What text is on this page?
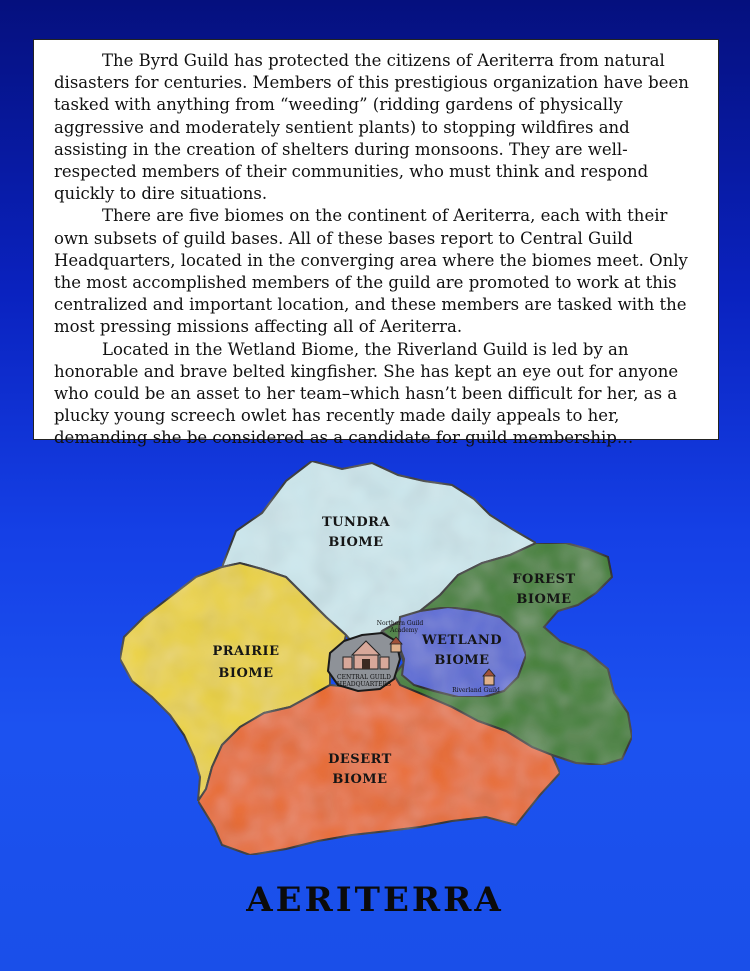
The Byrd Guild has protected the citizens of Aeriterra from natural disasters for centuries. Members of this prestigious organization have been tasked with anything from “weeding” (ridding gardens of physically aggressive and moderately sentient plants) to stopping wildfires and assisting in the creation of shelters during monsoons. They are well-respected members of their communities, who must think and respond quickly to dire situations.

There are five biomes on the continent of Aeriterra, each with their own subsets of guild bases. All of these bases report to Central Guild Headquarters, located in the converging area where the biomes meet. Only the most accomplished members of the guild are promoted to work at this centralized and important location, and these members are tasked with the most pressing missions affecting all of Aeriterra.

Located in the Wetland Biome, the Riverland Guild is led by an honorable and brave belted kingfisher. She has kept an eye out for anyone who could be an asset to her team–which hasn’t been difficult for her, as a plucky young screech owlet has recently made daily appeals to her, demanding she be considered as a candidate for guild membership…

CENTRAL GUILD
HEADQUARTERS
Northern Guild
Academy
Riverland Guild
TUNDRA
BIOME
FOREST
BIOME
WETLAND
BIOME
PRAIRIE
BIOME
DESERT
BIOME
AERITERRA
